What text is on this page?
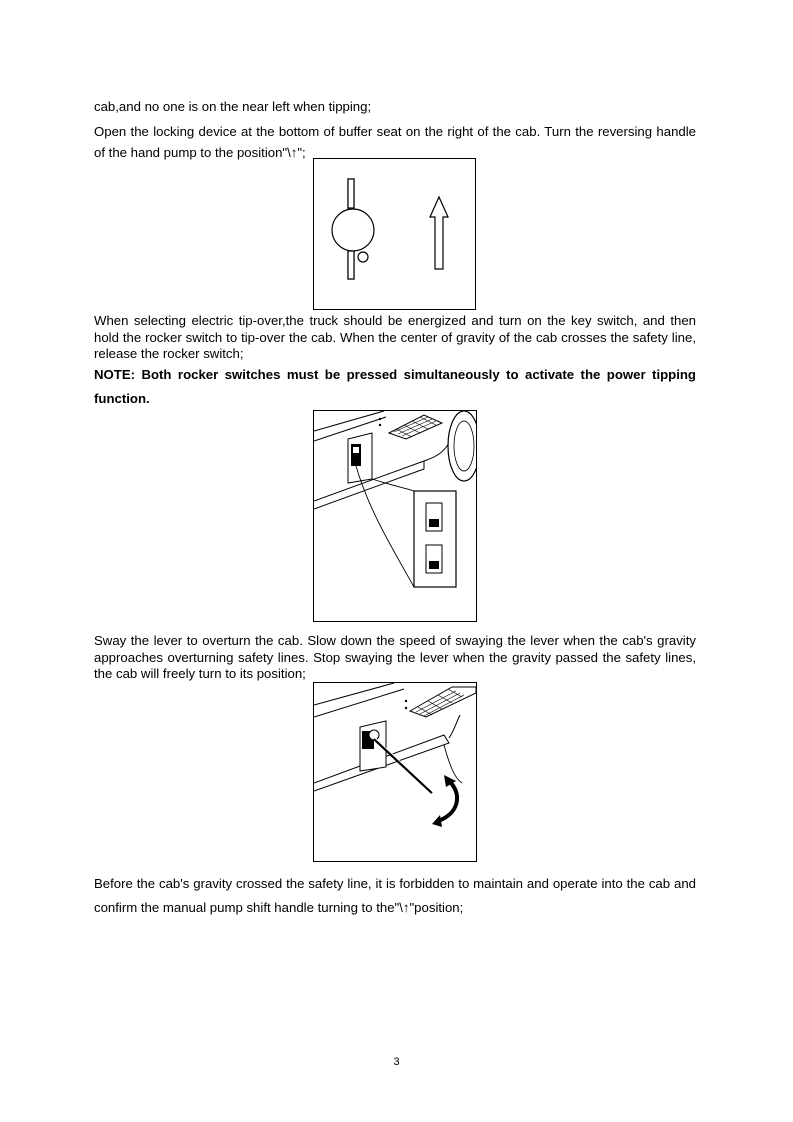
cab,and no one is on the near left when tipping;

Open the locking device at the bottom of buffer seat on the right of the cab. Turn the reversing handle of the hand pump to the position"\↑";

When selecting electric tip-over,the truck should be energized and turn on the key switch, and then hold the rocker switch to tip-over the cab. When the center of gravity of the cab crosses the safety line, release the rocker switch;

NOTE: Both rocker switches must be pressed simultaneously to activate the power tipping function.

Sway the lever to overturn the cab. Slow down the speed of swaying the lever when the cab's gravity approaches overturning safety lines. Stop swaying the lever when the gravity passed the safety lines, the cab will freely turn to its position;

Before the cab's gravity crossed the safety line, it is forbidden to maintain and operate into the cab and confirm the manual pump shift handle turning to the"\↑"position;

3
